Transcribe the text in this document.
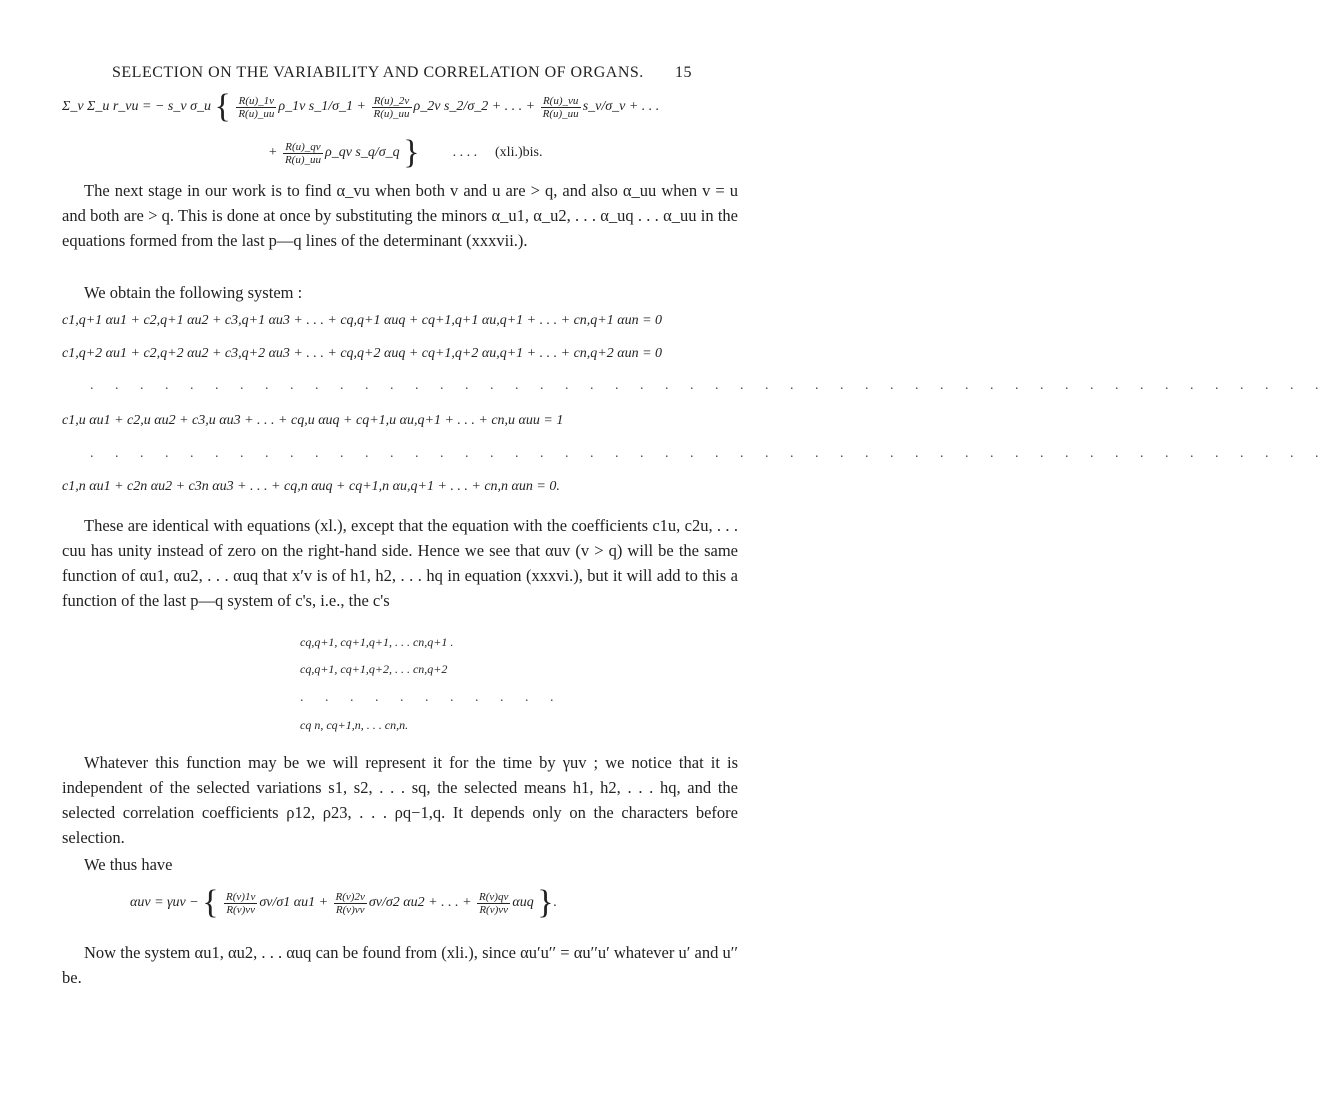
SELECTION ON THE VARIABILITY AND CORRELATION OF ORGANS. 15
Σ_v Σ_u r_vu = − s_v σ_u { $\frac{R(u)\_1v}{R(u)\_uu}$ ρ_1v s_1/σ_1 + $\frac{R(u)\_2v}{R(u)\_uu}$ ρ_2v s_2/σ_2 + . . . + $\frac{R(u)\_vu}{R(u)\_uu}$ s_v/σ_v + . . .
+ $\frac{R(u)\_qv}{R(u)\_uu}$ ρ_qv s_q/σ_q } . . . . (xli.)bis.

The next stage in our work is to find α_vu when both v and u are > q, and also α_uu when v = u and both are > q. This is done at once by substituting the minors α_u1, α_u2, . . . α_uq . . . α_uu in the equations formed from the last p—q lines of the determinant (xxxvii.).

We obtain the following system :

c1,q+1 αu1 + c2,q+1 αu2 + c3,q+1 αu3 + . . . + cq,q+1 αuq + cq+1,q+1 αu,q+1 + . . . + cn,q+1 αun = 0
c1,q+2 αu1 + c2,q+2 αu2 + c3,q+2 αu3 + . . . + cq,q+2 αuq + cq+1,q+2 αu,q+1 + . . . + cn,q+2 αun = 0
. . . . . . . . . . . . . . . . . . . . . . . . . . . . . . . . . . . . . . . . . . . . . . . . . .
c1,u αu1 + c2,u αu2 + c3,u αu3 + . . . + cq,u αuq + cq+1,u αu,q+1 + . . . + cn,u αuu = 1
. . . . . . . . . . . . . . . . . . . . . . . . . . . . . . . . . . . . . . . . . . . . . . . . . .
c1,n αu1 + c2n αu2 + c3n αu3 + . . . + cq,n αuq + cq+1,n αu,q+1 + . . . + cn,n αun = 0.

These are identical with equations (xl.), except that the equation with the coefficients c1u, c2u, . . . cuu has unity instead of zero on the right-hand side. Hence we see that αuv (v > q) will be the same function of αu1, αu2, . . . αuq that x′v is of h1, h2, . . . hq in equation (xxxvi.), but it will add to this a function of the last p—q system of c's, i.e., the c's

cq,q+1, cq+1,q+1, . . . cn,q+1 .
cq,q+1, cq+1,q+2, . . . cn,q+2
. . . . . . . . . . .
cq n, cq+1,n, . . . cn,n.

Whatever this function may be we will represent it for the time by γuv ; we notice that it is independent of the selected variations s1, s2, . . . sq, the selected means h1, h2, . . . hq, and the selected correlation coefficients ρ12, ρ23, . . . ρq−1,q. It depends only on the characters before selection.

We thus have

αuv = γuv − { $\frac{R(v)1v}{R(v)vv} \sigma v/\sigma 1$ $\alpha u1 + \frac{R(v)2v}{R(v)vv} \sigma v/\sigma 2$ αu2 + . . . + $\frac{R(v)qv}{R(v)vv}$ αuq }.

Now the system αu1, αu2, . . . αuq can be found from (xli.), since αu′u′′ = αu′′u′ whatever u′ and u′′ be.
